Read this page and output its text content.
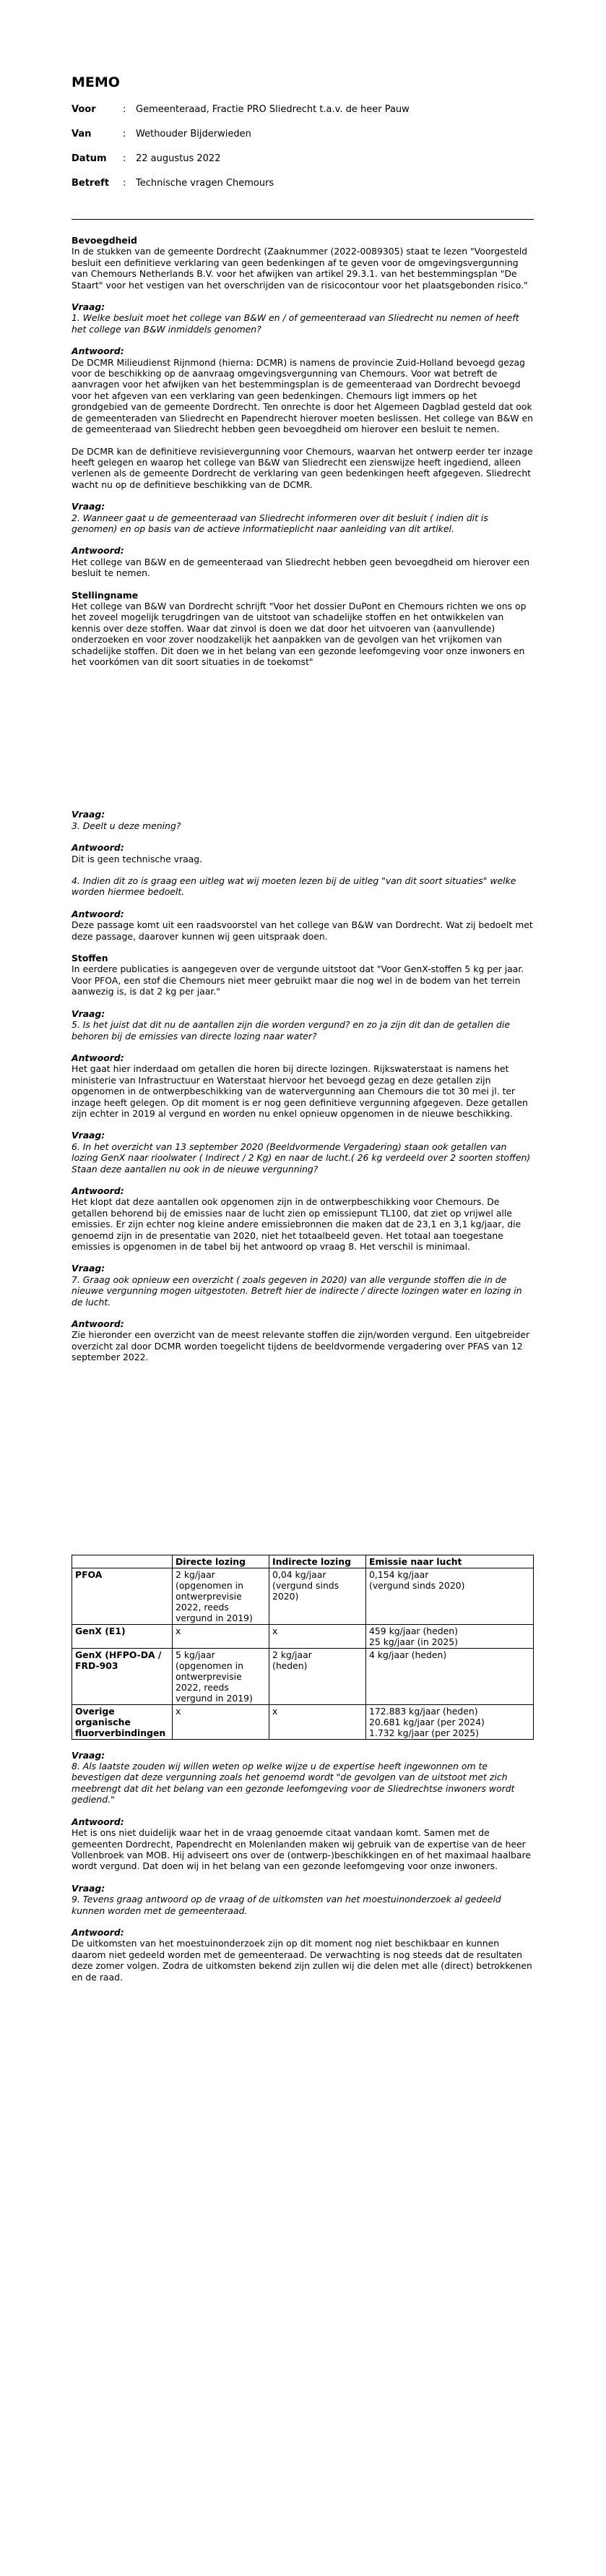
MEMO
Voor	: Gemeenteraad, Fractie PRO Sliedrecht t.a.v. de heer Pauw
Van	: Wethouder Bijderwieden
Datum : 22 augustus 2022
Betreft : Technische vragen Chemours
Bevoegdheid
In de stukken van de gemeente Dordrecht (Zaaknummer (2022-0089305) staat te lezen "Voorgesteld besluit een definitieve verklaring van geen bedenkingen af te geven voor de omgevingsvergunning van Chemours Netherlands B.V. voor het afwijken van artikel 29.3.1. van het bestemmingsplan "De Staart" voor het vestigen van het overschrijden van de risicocontour voor het plaatsgebonden risico."
Vraag:
1. Welke besluit moet het college van B&W en / of gemeenteraad van Sliedrecht nu nemen of heeft het college van B&W inmiddels genomen?
Antwoord:
De DCMR Milieudienst Rijnmond (hierna: DCMR) is namens de provincie Zuid-Holland bevoegd gezag voor de beschikking op de aanvraag omgevingsvergunning van Chemours. Voor wat betreft de aanvragen voor het afwijken van het bestemmingsplan is de gemeenteraad van Dordrecht bevoegd voor het afgeven van een verklaring van geen bedenkingen. Chemours ligt immers op het grondgebied van de gemeente Dordrecht. Ten onrechte is door het Algemeen Dagblad gesteld dat ook de gemeenteraden van Sliedrecht en Papendrecht hierover moeten beslissen. Het college van B&W en de gemeenteraad van Sliedrecht hebben geen bevoegdheid om hierover een besluit te nemen.
De DCMR kan de definitieve revisievergunning voor Chemours, waarvan het ontwerp eerder ter inzage heeft gelegen en waarop het college van B&W van Sliedrecht een zienswijze heeft ingediend, alleen verlenen als de gemeente Dordrecht de verklaring van geen bedenkingen heeft afgegeven. Sliedrecht wacht nu op de definitieve beschikking van de DCMR.
Vraag:
2. Wanneer gaat u de gemeenteraad van Sliedrecht informeren over dit besluit ( indien dit is genomen) en op basis van de actieve informatieplicht naar aanleiding van dit artikel.
Antwoord:
Het college van B&W en de gemeenteraad van Sliedrecht hebben geen bevoegdheid om hierover een besluit te nemen.
Stellingname
Het college van B&W van Dordrecht schrijft "Voor het dossier DuPont en Chemours richten we ons op het zoveel mogelijk terugdringen van de uitstoot van schadelijke stoffen en het ontwikkelen van kennis over deze stoffen. Waar dat zinvol is doen we dat door het uitvoeren van (aanvullende) onderzoeken en voor zover noodzakelijk het aanpakken van de gevolgen van het vrijkomen van schadelijke stoffen. Dit doen we in het belang van een gezonde leefomgeving voor onze inwoners en het voorkómen van dit soort situaties in de toekomst"
Vraag:
3. Deelt u deze mening?
Antwoord:
Dit is geen technische vraag.
4. Indien dit zo is graag een uitleg wat wij moeten lezen bij de uitleg "van dit soort situaties" welke worden hiermee bedoelt.
Antwoord:
Deze passage komt uit een raadsvoorstel van het college van B&W van Dordrecht. Wat zij bedoelt met deze passage, daarover kunnen wij geen uitspraak doen.
Stoffen
In eerdere publicaties is aangegeven over de vergunde uitstoot dat "Voor GenX-stoffen 5 kg per jaar. Voor PFOA, een stof die Chemours niet meer gebruikt maar die nog wel in de bodem van het terrein aanwezig is, is dat 2 kg per jaar."
Vraag:
5. Is het juist dat dit nu de aantallen zijn die worden vergund? en zo ja zijn dit dan de getallen die behoren bij de emissies van directe lozing naar water?
Antwoord:
Het gaat hier inderdaad om getallen die horen bij directe lozingen. Rijkswaterstaat is namens het ministerie van Infrastructuur en Waterstaat hiervoor het bevoegd gezag en deze getallen zijn opgenomen in de ontwerpbeschikking van de watervergunning aan Chemours die tot 30 mei jl. ter inzage heeft gelegen. Op dit moment is er nog geen definitieve vergunning afgegeven. Deze getallen zijn echter in 2019 al vergund en worden nu enkel opnieuw opgenomen in de nieuwe beschikking.
Vraag:
6. In het overzicht van 13 september 2020 (Beeldvormende Vergadering) staan ook getallen van lozing GenX naar rioolwater ( Indirect / 2 Kg) en naar de lucht.( 26 kg verdeeld over 2 soorten stoffen) Staan deze aantallen nu ook in de nieuwe vergunning?
Antwoord:
Het klopt dat deze aantallen ook opgenomen zijn in de ontwerpbeschikking voor Chemours. De getallen behorend bij de emissies naar de lucht zien op emissiepunt TL100, dat ziet op vrijwel alle emissies. Er zijn echter nog kleine andere emissiebronnen die maken dat de 23,1 en 3,1 kg/jaar, die genoemd zijn in de presentatie van 2020, niet het totaalbeeld geven. Het totaal aan toegestane emissies is opgenomen in de tabel bij het antwoord op vraag 8. Het verschil is minimaal.
Vraag:
7. Graag ook opnieuw een overzicht ( zoals gegeven in 2020) van alle vergunde stoffen die in de nieuwe vergunning mogen uitgestoten. Betreft hier de indirecte / directe lozingen water en lozing in de lucht.
Antwoord:
Zie hieronder een overzicht van de meest relevante stoffen die zijn/worden vergund. Een uitgebreider overzicht zal door DCMR worden toegelicht tijdens de beeldvormende vergadering over PFAS van 12 september 2022.
	Directe lozing	Indirecte lozing	Emissie naar lucht
PFOA	2 kg/jaar
(opgenomen in
ontwerprevisie
2022, reeds
vergund in 2019)	0,04 kg/jaar
(vergund sinds
2020)	0,154 kg/jaar
(vergund sinds 2020)

GenX (E1)	x	x	459 kg/jaar (heden)
25 kg/jaar (in 2025)

GenX (HFPO-DA / FRD-903	5 kg/jaar
(opgenomen in
ontwerprevisie
2022, reeds
vergund in 2019)	2 kg/jaar
(heden)	4 kg/jaar (heden)

Overige organische fluorverbindingen	x	x	172.883 kg/jaar (heden)
20.681 kg/jaar (per 2024)
1.732 kg/jaar (per 2025)
Vraag:
8. Als laatste zouden wij willen weten op welke wijze u de expertise heeft ingewonnen om te bevestigen dat deze vergunning zoals het genoemd wordt "de gevolgen van de uitstoot met zich meebrengt dat dit het belang van een gezonde leefomgeving voor de Sliedrechtse inwoners wordt gediend."
Antwoord:
Het is ons niet duidelijk waar het in de vraag genoemde citaat vandaan komt. Samen met de gemeenten Dordrecht, Papendrecht en Molenlanden maken wij gebruik van de expertise van de heer Vollenbroek van MOB. Hij adviseert ons over de (ontwerp-)beschikkingen en of het maximaal haalbare wordt vergund. Dat doen wij in het belang van een gezonde leefomgeving voor onze inwoners.
Vraag:
9. Tevens graag antwoord op de vraag of de uitkomsten van het moestuinonderzoek al gedeeld kunnen worden met de gemeenteraad.
Antwoord:
De uitkomsten van het moestuinonderzoek zijn op dit moment nog niet beschikbaar en kunnen daarom niet gedeeld worden met de gemeenteraad. De verwachting is nog steeds dat de resultaten deze zomer volgen. Zodra de uitkomsten bekend zijn zullen wij die delen met alle (direct) betrokkenen en de raad.
